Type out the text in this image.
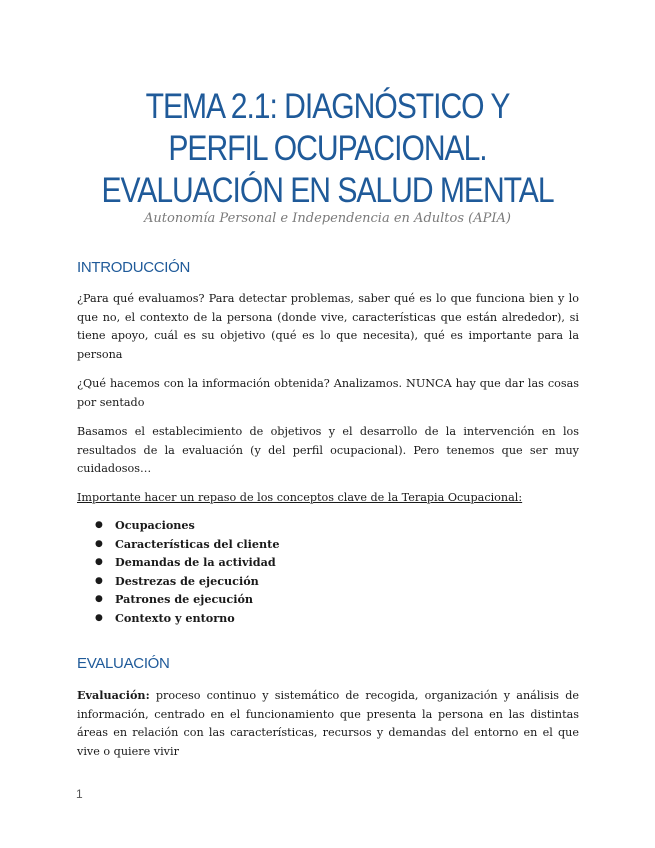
TEMA 2.1: DIAGNÓSTICO Y PERFIL OCUPACIONAL. EVALUACIÓN EN SALUD MENTAL

Autonomía Personal e Independencia en Adultos (APIA)

INTRODUCCIÓN

¿Para qué evaluamos? Para detectar problemas, saber qué es lo que funciona bien y lo que no, el contexto de la persona (donde vive, características que están alrededor), si tiene apoyo, cuál es su objetivo (qué es lo que necesita), qué es importante para la persona

¿Qué hacemos con la información obtenida? Analizamos. NUNCA hay que dar las cosas por sentado

Basamos el establecimiento de objetivos y el desarrollo de la intervención en los resultados de la evaluación (y del perfil ocupacional). Pero tenemos que ser muy cuidadosos…

Importante hacer un repaso de los conceptos clave de la Terapia Ocupacional:

● Ocupaciones
● Características del cliente
● Demandas de la actividad
● Destrezas de ejecución
● Patrones de ejecución
● Contexto y entorno
EVALUACIÓN

Evaluación: proceso continuo y sistemático de recogida, organización y análisis de información, centrado en el funcionamiento que presenta la persona en las distintas áreas en relación con las características, recursos y demandas del entorno en el que vive o quiere vivir

1
